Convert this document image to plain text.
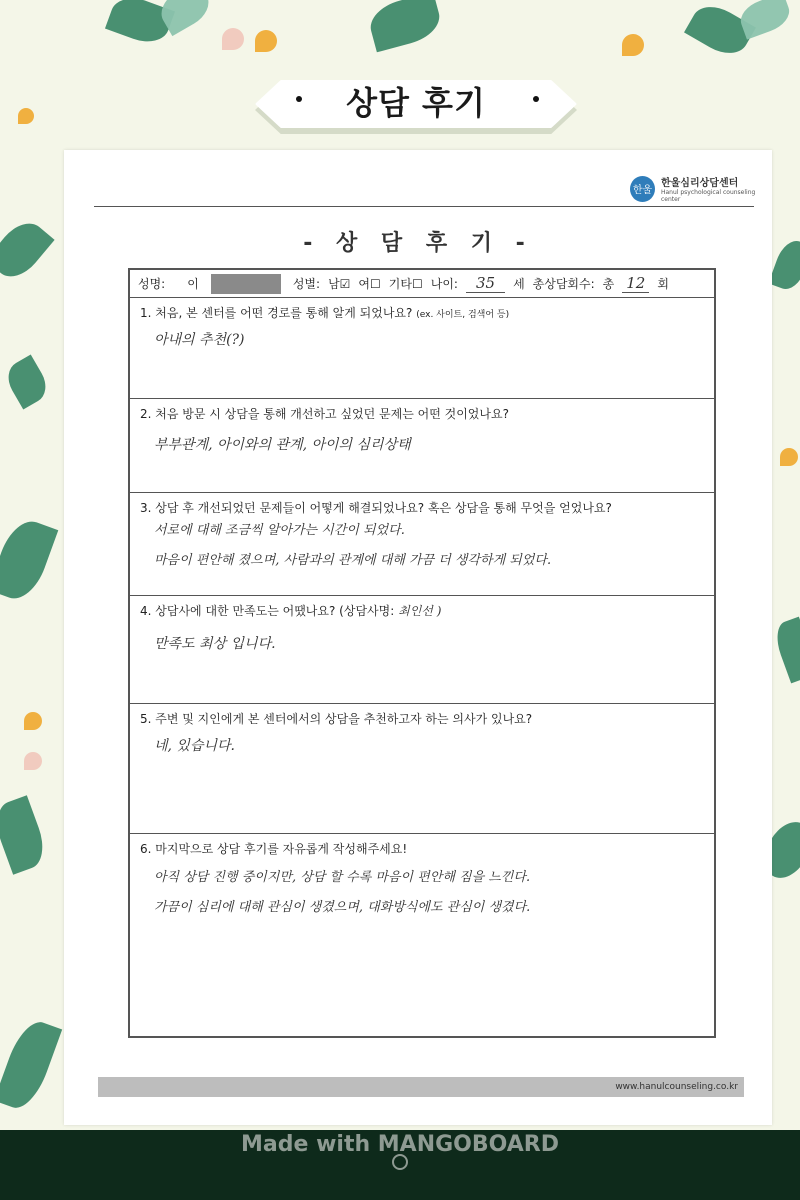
상담 후기
한울
한울심리상담센터
Hanul psychological counseling center
- 상 담 후 기 -
성명: 이	성별: 남☑ 여☐ 기타☐ 나이:	35	세 총상담회수: 총 12	회
1. 처음, 본 센터를 어떤 경로를 통해 알게 되었나요? (ex. 사이트, 검색어 등)
아내의 추천(?)
2. 처음 방문 시 상담을 통해 개선하고 싶었던 문제는 어떤 것이었나요?
부부관계, 아이와의 관계, 아이의 심리상태
3. 상담 후 개선되었던 문제들이 어떻게 해결되었나요? 혹은 상담을 통해 무엇을 얻었나요?
서로에 대해 조금씩 알아가는 시간이 되었다.
마음이 편안해 졌으며, 사람과의 관계에 대해 가끔 더 생각하게 되었다.
4. 상담사에 대한 만족도는 어땠나요? (상담사명: 최인선 )
만족도 최상 입니다.
5. 주변 및 지인에게 본 센터에서의 상담을 추천하고자 하는 의사가 있나요?
네, 있습니다.
6. 마지막으로 상담 후기를 자유롭게 작성해주세요!
아직 상담 진행 중이지만, 상담 할 수록 마음이 편안해 짐을 느낀다.
가끔이 심리에 대해 관심이 생겼으며, 대화방식에도 관심이 생겼다.
www.hanulcounseling.co.kr
Made with MANGOBOARD
